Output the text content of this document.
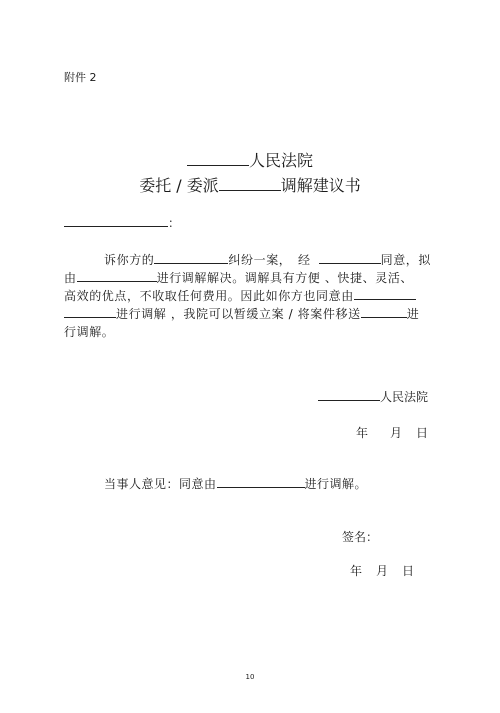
附件 2
人民法院
委托 / 委派	调解建议书
：
诉你方的	纠纷一案，　经	同意，拟
由	进行调解解决。调解具有方便 、快捷、灵活、
高效的优点，不收取任何费用。因此如你方也同意由
进行调解 ，我院可以暂缓立案 / 将案件移送	进
行调解。
人民法院
年 月 日
当事人意见：同意由	进行调解。
签名：
年 月 日
10
